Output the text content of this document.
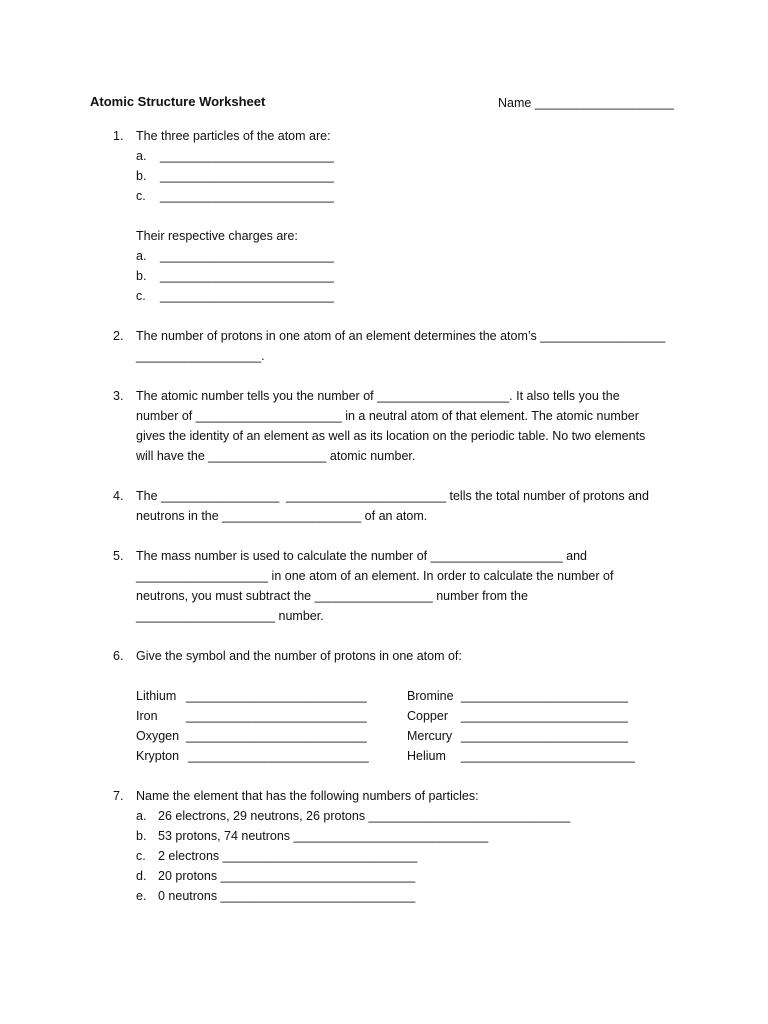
Atomic Structure Worksheet	Name ____________________
1. The three particles of the atom are:
a. _________________________
b. _________________________
c. _________________________
Their respective charges are:
a. _________________________
b. _________________________
c. _________________________
2. The number of protons in one atom of an element determines the atom’s __________________
__________________.
3. The atomic number tells you the number of ___________________. It also tells you the
number of _____________________ in a neutral atom of that element. The atomic number
gives the identity of an element as well as its location on the periodic table. No two elements
will have the _________________ atomic number.
4. The _________________  _______________________ tells the total number of protons and
neutrons in the ____________________ of an atom.
5. The mass number is used to calculate the number of ___________________ and
___________________ in one atom of an element. In order to calculate the number of
neutrons, you must subtract the _________________ number from the
____________________ number.
6. Give the symbol and the number of protons in one atom of:
Lithium __________________________
Iron __________________________
Oxygen __________________________
Krypton __________________________
Bromine ________________________
Copper ________________________
Mercury ________________________
Helium _________________________
7. Name the element that has the following numbers of particles:
a. 26 electrons, 29 neutrons, 26 protons _____________________________
b. 53 protons, 74 neutrons ____________________________
c. 2 electrons ____________________________
d. 20 protons ____________________________
e. 0 neutrons ____________________________
